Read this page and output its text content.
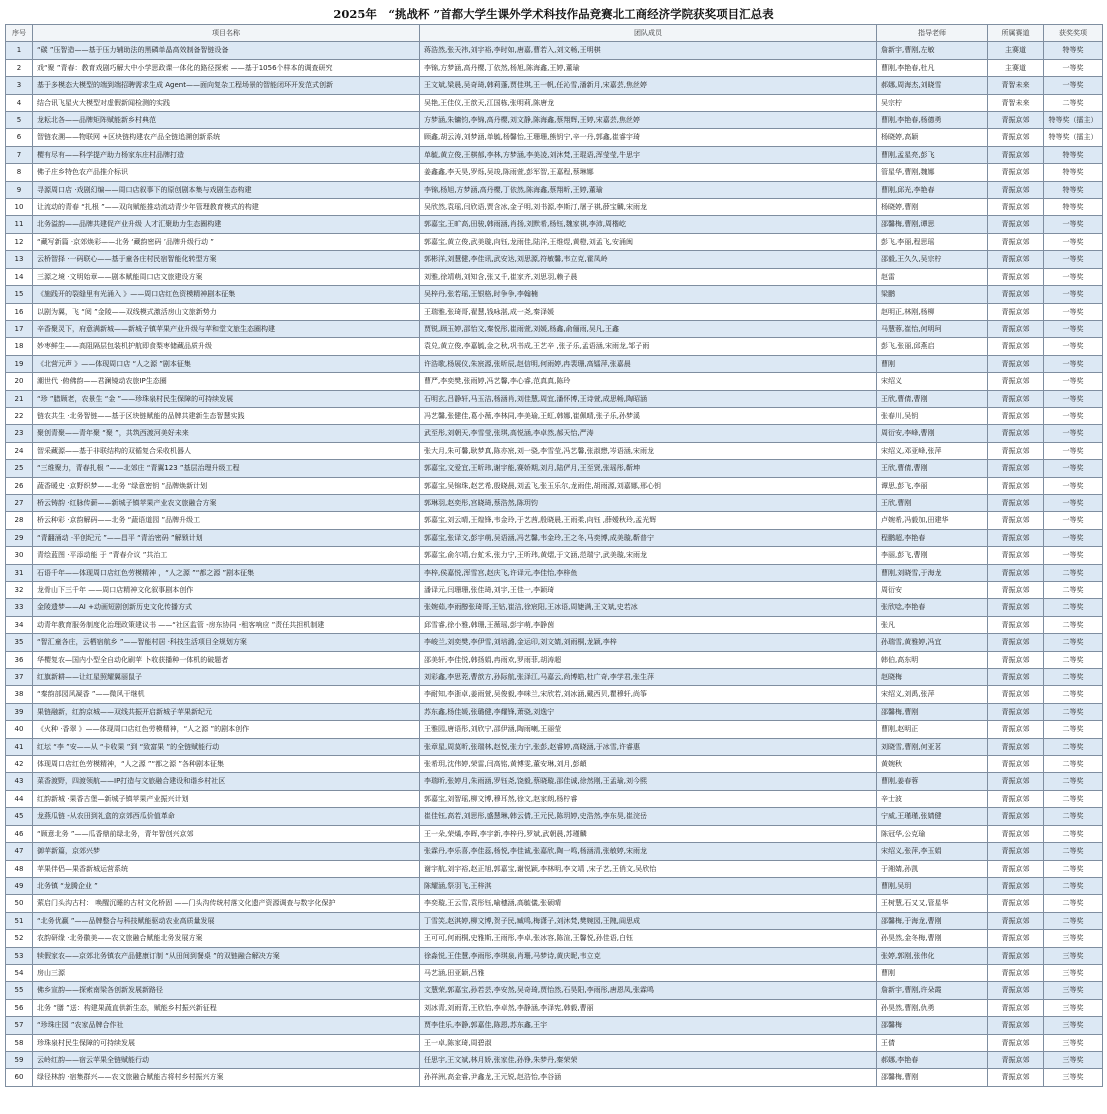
2025年　“挑战杯 ”首都大学生课外学术科技作品竞赛北工商经济学院获奖项目汇总表
序号	项目名称	团队成员	指导老师	所属赛道	获奖奖项
1	“碳 ”压智造——基于压力辅助法的黑磷单晶高效制备智链设备	蒋浩然,张天祎,刘宇裕,李时如,唐嘉,曹若入,刘文畅,王明棋	詹新宇,曹刚,左敏	主赛道	特等奖
2	戏“聚 ”青春：教育戏剧巧解大中小学思政课一体化的路径探索 ——基于1056个样本的调查研究	李锦,方梦涵,高丹樱,丁依然,杨旭,陈海鑫,王婷,董瑜	曹刚,李艳春,杜凡	主赛道	一等奖
3	基于多模态大模型的端到端招聘需求生成 Agent——面向复杂工程场景的智能闭环开发范式创新	王文斌,梁晨,吴奇琦,韩莉蓬,贾佳琪,王一帆,任沁雪,潘新月,宋嘉芸,焦丝婷	郝娜,周海杰,刘晓雪	青智未来	一等奖
4	结合讯飞星火大模型对虚假新闻检测的实践	吴艳,王佳仪,王歆天,江国栋,张明莉,陈唐龙	吴宗柠	青智未来	二等奖
5	龙耘北各——品牌矩阵赋能新乡村典范	方梦涵,朱镛钧,李锦,高丹樱,刘文静,陈海鑫,蔡翔辉,王婷,宋嘉芸,焦丝婷	曹刚,李艳春,杨德勇	青振京郊	特等奖（擂主）
6	智链农溯——物联网 +区块链构建农产品全链追溯创新系统	顾鑫,胡云涛,刘梦涵,单毓,杨馨怡,王珊珊,熊钥宁,辛一丹,郭鑫,崔睿宇琦	杨晓婷,高颖	青振京郊	特等奖（擂主）
7	樱有尽有——科学提产助力杨家东庄村品牌打造	单毓,黄立俊,王棋郁,李林,方梦涵,李美凌,刘沐梵,王琨语,浑莹莹,牛思宇	曹刚,孟星亮,彭飞	青振京郊	特等奖
8	佛子庄乡特色农产品推介标识	姜鑫鑫,李天昊,罗烁,吴竣,陈雨萱,彭军智,王嘉程,蔡琳娜	管星华,曹刚,魏娜	青振京郊	特等奖
9	寻源周口店 ·戏剧幻编——周口店叙事下的原创剧本集与戏剧生态构建	李锦,杨旭,方梦涵,高丹樱,丁依然,陈海鑫,蔡翔昕,王婷,董瑜	曹刚,邱光,李艳春	青振京郊	特等奖
10	让流动的青春 “扎根 ”——双向赋能推动流动青少年管理教育模式的构建	吴欣然,袁瑶,闫欣语,贾含冰,金子明,刘书源,李斯汀,屠子祺,薛宝麟,宋雨龙	杨晓婷,曹刚	青振京郊	特等奖
11	北务溢韵——品牌共建促产业升级 人才汇聚助力生态圈构建	郭嘉宝,王旷高,田骏,韩雨涵,肖扬,刘默希,杨钰,魏家祺,李沛,周楷屹	邵馨梅,曹刚,谭思	青振京郊	一等奖
12	“藏写新篇 ·京郊焕彩——北务 ‘藏韵密码 ’品牌升级行动 ”	郭嘉宝,黄立俊,武美璇,向钰,龙雨佳,陆洋,王维煜,黄橙,刘孟飞,安涌闽	彭飞,李丽,程思瑶	青振京郊	一等奖
13	云桥智择 ·一码联心——基于童各庄村民宿智能化转型方案	郭彬洋,刘慧健,李佳讯,武安达,刘思源,符敏馨,韦立克,霍凤岭	邵毅,王久久,吴宗柠	青振京郊	一等奖
14	三源之境 ·文明始章——剧本赋能周口店文旅建设方案	刘雅,徐靖萌,刘知含,张又千,崔家齐,刘思羽,赖子晨	赵雷	青振京郊	一等奖
15	《施践开的裂缝里有光涌入 》——周口店红色资模精神剧本征集	吴梓丹,张若瑶,王银格,时争争,李翰楠	梁鹏	青振京郊	一等奖
16	以剧为翼，飞 “阅 ”金陵——双线模式激活房山文旅新势力	王瑞雅,张琦哥,翟慧,钱咏湛,成一尧,秦泽媛	赵明正,林刚,杨柳	青振京郊	一等奖
17	辛香聚灵下，府意满新城——新城子镇苹果产业升级与苹和堂文旅生态圈构建	贾锐,顾玉婷,邵怡文,秦悦彤,崔雨萱,刘媛,杨鑫,俞俪雨,吴凡,王鑫	马慧蓉,崔怡,何明珂	青振京郊	一等奖
18	妙枣鲜生——高阻隔层包装机护航即食梨枣储藏品质升级	袁兑,黄立俊,李嘉毓,金之秋,巩书成,王艺辛 ,张子乐,孟语涵,宋雨龙,邹子雨	彭飞,张丽,邱燕启	青振京郊	一等奖
19	《北营元声 》——体现周口店 “人之源 ”剧本征集	许浩歌,杨展仪,朱宸源,张昕辰,赵信明,何雨婷,冉裴珊,高镭萍,张嘉晨	曹刚	青振京郊	一等奖
20	潮世代 ·俯佛韵——君澜镜动农旅IP生态圈	曹严,李奕樊,张雨婷,冯艺馨,李心睿,范真真,陈玲	宋绍义	青振京郊	一等奖
21	“珍 ”腊顾老，农景生 “金 ”——珍珠泉村民生保障的可持续发展	石明玄,吕静轩,马玉洁,杨涵肖,刘佳慧,周宜,潘怀博,王诗萱,成思畅,陶昭涵	王欣,曹倩,曹刚	青振京郊	一等奖
22	链农共生 ·北务智链——基于区块链赋能的品牌共建新生态智慧实践	冯艺馨,张健佳,葛小薇,李林同,李美瑜,王虹,韩娜,崔佩晴,张子乐,孙梦溪	张春川,吴钥	青振京郊	一等奖
23	聚创青聚——青年聚 “聚 ”，共筑西渡河美好未来	武至彤,刘朝天,李雪莹,张琪,高悦涵,李卓然,郝天怡,严涛	周衍安,李峰,曹刚	青振京郊	一等奖
24	智采藏源——基于非联结构的双循复合采收机器人	张大月,朱可馨,耿梦真,陈亦宸,刘一骁,李雪莹,冯艺馨,张淑懋,岑语涵,宋雨龙	宋绍义,邓亚峰,张萍	青振京郊	一等奖
25	“三维聚力，青春扎根 ”——北郊庄 “青翼123 ”基层治理升级工程	郭嘉宝,文爱宜,王昕玮,谢宇能,赛娇期,刘月,陆俨月,王至贤,张瑶彤,靳坤	王欣,曹倩,曹刚	青振京郊	一等奖
26	蔬香暖史 ·京野织梦——北务 “绿意密钥 ”品牌焕新计划	郭嘉宝,吴锦珠,赵艺希,殷晓晨,刘孟飞,张玉乐尔,龙雨佳,胡雨源,刘嘉娜,邢心钥	谭思,彭飞,李丽	青振京郊	一等奖
27	桥云铸韵 ·红脉传薪——新城子镇苹果产业农文旅融合方案	郭琳羽,赵奕彤,宫晓琦,蔡浩然,陈玥钧	王欣,曹刚	青振京郊	一等奖
28	桥云种彩 ·京韵解码——北务 “蔬语道园 ”品牌升级工	郭嘉宝,刘云晴,王煌锋,韦金玲,于艺茜,殷晓晨,王雨柔,向钰 ,薛嫒秋玲,孟光辉	卢婉希,冯毅加,田建华	青振京郊	一等奖
29	“青翻涌动 ·平创纪元 ”——昌平 “青治密码 ”解锁计划	郭嘉宝,张译文,彭宇萌,吴语涵,冯艺馨,韦金玲,王之冬,马奕博,成美璇,靳普宁	程鹏超,李艳春	青振京郊	一等奖
30	青绘蓝图 ·平添动能 于 “青春介议 ”共治工	郭嘉宝,俞尔靖,台虻禾,张力宁,王昕玮,黄熠,于文涵,范瑞宁,武美璇,宋雨龙	李丽,彭飞,曹刚	青振京郊	一等奖
31	石语千年——体现周口店红色劳模精神 ，“人之源 ”“都之源 ”剧本征集	李梓,侯嘉悦,浑雪宫,赵庆飞,许译元,李佳怡,李梓鱼	曹刚,刘晓雪,于海龙	青振京郊	二等奖
32	龙骨山下三千年 ——周口店精神文化叙事剧本创作	潘译元,闫珊珊,张佳琦,刘宇,王佳一,李颖琦	周衍安	青振京郊	二等奖
33	金陵遗梦——AI +动画短剧创新历史文化传播方式	张婉茹,李雨醇张琦哥,王钻,崔洁,徐宸阳,王冰语,周婕满,王文斌,史若冰	张欣唸,李艳春	青振京郊	二等奖
34	动青年教育服务制度化治理政策建议书 ——“社区监管 -房东协同 -租客响应 ”责任共担机制建	邱雪睿,徐小雅,韩珊,王薇瑶,彭宇萌,李静茵	张凡	青振京郊	二等奖
35	“智汇童各庄，云栖宿航乡 ”——智能村居 ·科技生活项目全规划方案	李峻兰,刘奕樊,李伊雪,刘培潞,金运印,刘文婧,刘雨桐,龙颖,李梓	孙瑞雪,黄雅婷,冯宜	青振京郊	二等奖
36	华樱复农—国内小型全自动化刷苹 卜收获播种一体机的破题者	邵美轩,李佳悦,韩扬娟,冉雨欢,罗雨菲,胡涛超	韩伯,高东明	青振京郊	二等奖
37	红旗新耕——让红星照耀翼丽鼠子	刘彩鑫,李思茺,曹歆方,孙际航,张泽江,马嘉云,尚博皓,杜广奇,李学君,张生萍	赵晓梅	青振京郊	二等奖
38	“秦韵部园风凝香 ”——微风干继机	李耐知,李浙卓,姜雨萱,吴俊毅,李咪兰,宋欣若,刘冰涵,戴西贝,瞿穆轩,尚筝	宋绍义,刘禹,张萍	青振京郊	二等奖
39	果链融新，红韵京城——双线共振开启新城子苹果新纪元	苏东鑫,杨佳媛,张璐健,李耀锋,萧骁,刘逸宁	邵馨梅,曹刚	青振京郊	二等奖
40	《火种 ·香翠 》——体现周口店红色劳模精神，“人之源 ”的剧本创作	王雅园,唐语彤,刘欣宁,邵伊涵,陶雨喇,王丽莹	曹刚,赵明正	青振京郊	二等奖
41	红坛 “李 ”安——从 “卡收果 ”到 “致富果 ”的全链赋能行动	张章星,周莫昕,张瑞林,赵悦,张力宁,张彭,赵睿婷,高晓涵,于冰雪,许睿惠	刘晓雪,曹刚,何亚茗	青振京郊	二等奖
42	体现周口店红色劳模精神，“人之源 ”“都之源 ”各种剧本征集	张希玥,沈伟婷,荣雷,闫高铭,黄博雯,董安琳,刘月,彭頔	黄婉秋	青振京郊	二等奖
43	菜香渡野，四渡领航——IP打造与文旅融合建设和谐乡村社区	李瑞昕,张婷月,朱雨涵,罗钰尧,饶毅,蔡晓璇,邵佳诚,徐然刚,王孟瑜,刘今熙	曹刚,姜春蓉	青振京郊	二等奖
44	红韵新城 ·果香古堡—新城子镇苹果产业振兴计划	郭嘉宝,刘智瑶,柳文博,穆耳然,徐文,赵家朗,杨柠睿	辛士波	青振京郊	二等奖
45	龙燕瓜链 -从农田到礼盒的京郊西瓜价值革命	崔佳钰,高若,刘思彤,盛慧琳,韩云倩,王元民,陈玥婷,史浩然,李东昊,崔浣岳	宁威,王瑾瑾,张婧健	青振京郊	二等奖
46	“顾意北务 ”——瓜香鼎前绿北务，青年智创兴京郊	王一朵,荣燏,李晖,李宇新,李梓丹,罗斌,武朝晨,苏瑾麟	陈冠华,公克瑜	青振京郊	二等奖
47	御苹新篇，京郊兴梦	张霖丹,李乐喜,李佳蕊,杨悦,李佳诚,张嘉欣,陶一鸣,杨涵清,张敏婷,宋雨龙	宋绍义,张萍,李玉娟	青振京郊	二等奖
48	苹果伴侣—果香新城运营系统	谢宇航,刘宇裕,赵正旭,郭嘉宝,谢悦颖,李林明,李文靖 ,宋子艺,王俏文,吴欣怡	于湘婧,孙凯	青振京郊	二等奖
49	北务镇 “龙腾企业 ”	陈耀涵,祭羽飞,王梓淇	曹刚,吴玥	青振京郊	二等奖
50	萦启门头沟古村： 唤醒沉睡的古村文化桥固 ——门头沟传统村落文化遗产资源调查与数字化保护	李奕璇,王云雪,袁彤钰,喻穗涵,高毓儀,张硕晴	王树慧,石又又,管星华	青振京郊	二等奖
51	“北务优赢 ”——品牌整合与科技赋能驱动农业高质量发展	丁雪笑,赵淇婷,柳文博,贺子民,臧鸣,梅潇子,刘沐梵,樊婉园,王隗,阎思成	邵馨梅,于海龙,曹刚	青振京郊	二等奖
52	农韵研缘 ·北务徽美——农文旅融合赋能北务发展方案	王可可,何雨桐,史雅斯,王雨彤,李卓,张冰容,陈渲,王馨悦,孙佳语,白钰	孙昊然,金冬梅,曹刚	青振京郊	三等奖
53	犊假家农——京郊北务镇农产品健康订制 “从田间到餐桌 ”的双链融合解决方案	徐淼悦,王佳慧,李雨彤,李琪泉,肖珊,马梦诗,黄庆昵,韦立克	张婷,郭刚,张伟化	青振京郊	三等奖
54	房山三源	马艺涵,田亚颖,吕雅	曹刚	青振京郊	三等奖
55	佛乡宣韵——探索南梁各创新发展新路径	文慧荣,郭嘉宝,孙若芸,李安然,吴奇琦,贾怡然,石昊阳,李雨彤,唐恩凤,张霖鸣	詹新宇,曹刚,许朵霞	青振京郊	三等奖
56	北务 “膳 ”送：构建果蔬直供新生态，赋能乡村振兴新征程	刘冰青,刘雨青,王欣怡,李卓然,李静涵,李泽宪,韩毅,曹丽	孙昊然,曹刚,仇勇	青振京郊	三等奖
57	“珍珠庄园 ”农家品牌合作社	贾李佳乐,李静,郭嘉佳,陈恩,苏东鑫,王宇	邵馨梅	青振京郊	三等奖
58	珍珠泉村民生保障的可持续发展	王一卓,陈家琦,周碧淑	王倩	青振京郊	三等奖
59	云岭红韵——宿云苹果全链赋能行动	任思宇,王文斌,林月娇,张家佳,孙铮,朱梦丹,秦荣荣	郝娜,李艳春	青振京郊	三等奖
60	绿径林韵 ·宿集群兴——农文旅融合赋能古将村乡村振兴方案	孙祥洲,高金睿,尹鑫龙,王元锐,赵浩怡,李谷涵	邵馨梅,曹刚	青振京郊	三等奖
